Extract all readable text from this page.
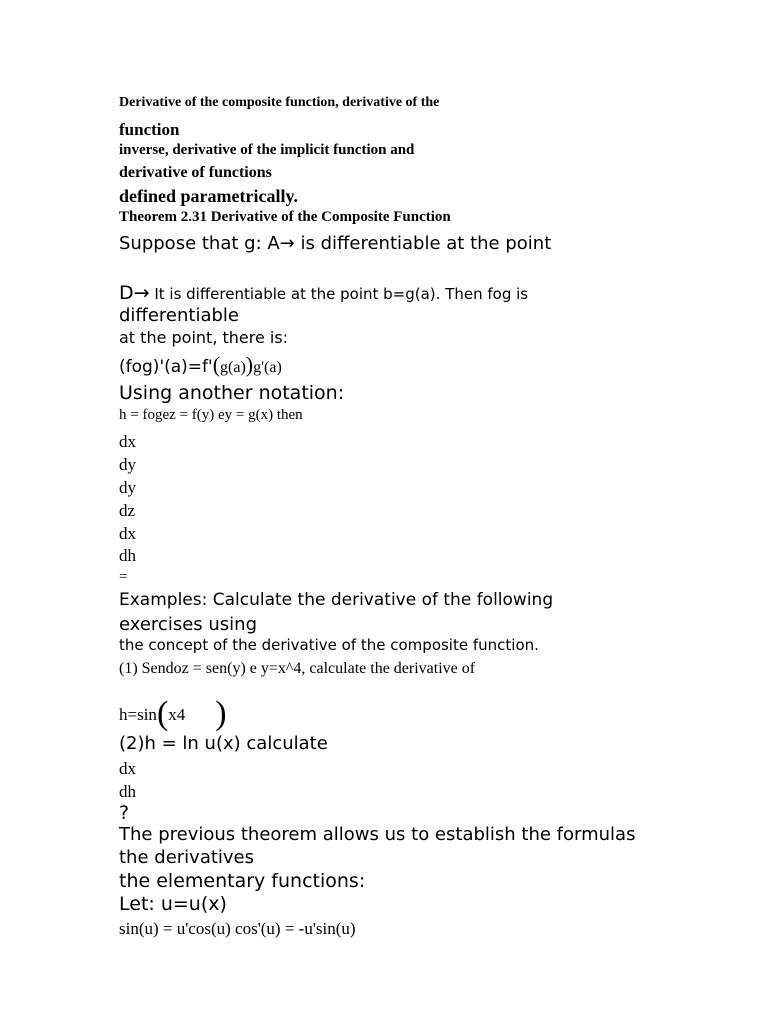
Derivative of the composite function, derivative of the
function
inverse, derivative of the implicit function and
derivative of functions
defined parametrically.
Theorem 2.31 Derivative of the Composite Function
Suppose that g: A→ is differentiable at the point
D→ It is differentiable at the point b=g(a). Then fog is
differentiable
at the point, there is:
(fog)'(a)=f'(g(a))g'(a)
Using another notation:
h = fogez = f(y) ey = g(x) then
dx
dy
dy
dz
dx
dh
=
Examples: Calculate the derivative of the following
exercises using
the concept of the derivative of the composite function.
(1) Sendoz = sen(y) e y=x^4, calculate the derivative of
h=sin(x4 )
(2)h = ln u(x) calculate
dx
dh
?
The previous theorem allows us to establish the formulas
the derivatives
the elementary functions:
Let: u=u(x)
sin(u) = u'cos(u) cos'(u) = -u'sin(u)
